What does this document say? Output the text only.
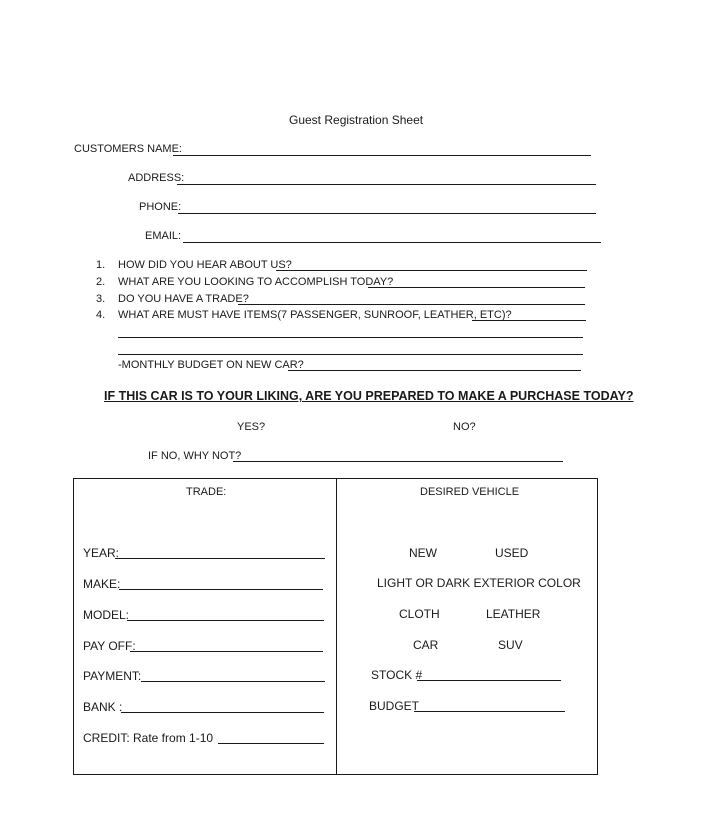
Guest Registration Sheet
CUSTOMERS NAME:
ADDRESS:
PHONE:
EMAIL:
1. HOW DID YOU HEAR ABOUT US?
2. WHAT ARE YOU LOOKING TO ACCOMPLISH TODAY?
3. DO YOU HAVE A TRADE?
4. WHAT ARE MUST HAVE ITEMS(7 PASSENGER, SUNROOF, LEATHER, ETC)?
-MONTHLY BUDGET ON NEW CAR?
IF THIS CAR IS TO YOUR LIKING, ARE YOU PREPARED TO MAKE A PURCHASE TODAY?
YES?	NO?
IF NO, WHY NOT?
TRADE:
YEAR:
MAKE:
MODEL:
PAY OFF:
PAYMENT:
BANK :
CREDIT: Rate from 1-10
DESIRED VEHICLE
NEW	USED
LIGHT OR DARK EXTERIOR COLOR
CLOTH	LEATHER
CAR	SUV
STOCK #
BUDGET
